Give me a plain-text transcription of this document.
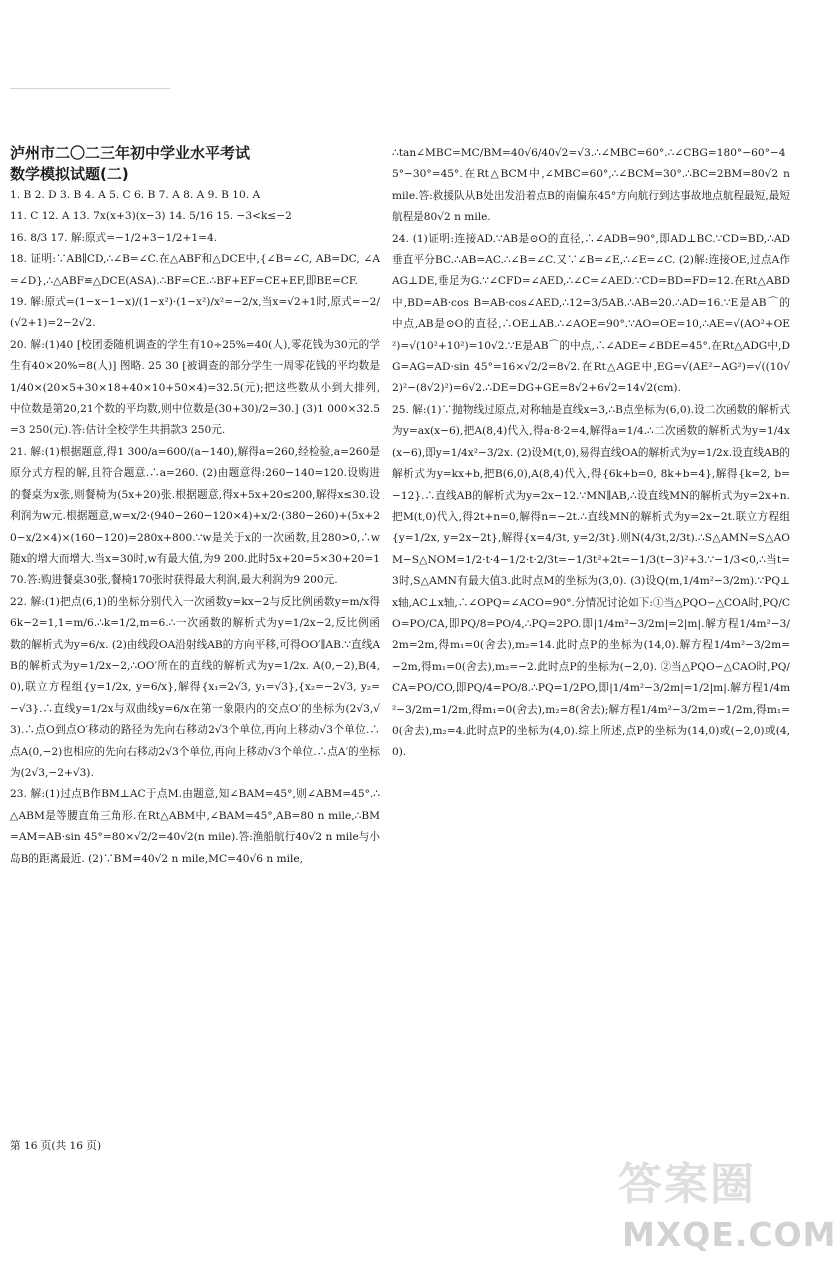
泸州市二〇二三年初中学业水平考试

数学模拟试题(二)

1. B 2. D 3. B 4. A 5. C 6. B 7. A 8. A 9. B 10. A

11. C 12. A 13. 7x(x+3)(x−3) 14. 5/16 15. −3<k≤−2

16. 8/3 17. 解:原式=−1/2+3−1/2+1=4.

18. 证明:∵AB∥CD,∴∠B=∠C.在△ABF和△DCE中,{∠B=∠C, AB=DC, ∠A=∠D},∴△ABF≌△DCE(ASA).∴BF=CE.∴BF+EF=CE+EF,即BE=CF.

19. 解:原式=(1−x−1−x)/(1−x²)·(1−x²)/x²=−2/x,当x=√2+1时,原式=−2/(√2+1)=2−2√2.

20. 解:(1)40 [校团委随机调查的学生有10÷25%=40(人),零花钱为30元的学生有40×20%=8(人)] 图略. 25 30 [被调查的部分学生一周零花钱的平均数是1/40×(20×5+30×18+40×10+50×4)=32.5(元);把这些数从小到大排列,中位数是第20,21个数的平均数,则中位数是(30+30)/2=30.] (3)1 000×32.5=3 250(元).答:估计全校学生共捐款3 250元.

21. 解:(1)根据题意,得1 300/a=600/(a−140),解得a=260,经检验,a=260是原分式方程的解,且符合题意.∴a=260. (2)由题意得:260−140=120.设购进的餐桌为x张,则餐椅为(5x+20)张.根据题意,得x+5x+20≤200,解得x≤30.设利润为w元.根据题意,w=x/2·(940−260−120×4)+x/2·(380−260)+(5x+20−x/2×4)×(160−120)=280x+800.∵w是关于x的一次函数,且280>0,∴w随x的增大而增大.当x=30时,w有最大值,为9 200.此时5x+20=5×30+20=170.答:购进餐桌30张,餐椅170张时获得最大利润,最大利润为9 200元.

22. 解:(1)把点(6,1)的坐标分别代入一次函数y=kx−2与反比例函数y=m/x得6k−2=1,1=m/6.∴k=1/2,m=6.∴一次函数的解析式为y=1/2x−2,反比例函数的解析式为y=6/x. (2)由线段OA沿射线AB的方向平移,可得OO′∥AB.∵直线AB的解析式为y=1/2x−2,∴OO′所在的直线的解析式为y=1/2x. A(0,−2),B(4,0),联立方程组{y=1/2x, y=6/x},解得{x₁=2√3, y₁=√3},{x₂=−2√3, y₂=−√3}.∴直线y=1/2x与双曲线y=6/x在第一象限内的交点O′的坐标为(2√3,√3).∴点O到点O′移动的路径为先向右移动2√3个单位,再向上移动√3个单位.∴点A(0,−2)也相应的先向右移动2√3个单位,再向上移动√3个单位.∴点A′的坐标为(2√3,−2+√3).

23. 解:(1)过点B作BM⊥AC于点M.由题意,知∠BAM=45°,则∠ABM=45°.∴△ABM是等腰直角三角形.在Rt△ABM中,∠BAM=45°,AB=80 n mile,∴BM=AM=AB·sin 45°=80×√2/2=40√2(n mile).答:渔船航行40√2 n mile与小岛B的距离最近. (2)∵BM=40√2 n mile,MC=40√6 n mile,

∴tan∠MBC=MC/BM=40√6/40√2=√3.∴∠MBC=60°.∴∠CBG=180°−60°−45°−30°=45°.在Rt△BCM中,∠MBC=60°,∴∠BCM=30°.∴BC=2BM=80√2 n mile.答:救援队从B处出发沿着点B的南偏东45°方向航行到达事故地点航程最短,最短航程是80√2 n mile.

24. (1)证明:连接AD.∵AB是⊙O的直径,∴∠ADB=90°,即AD⊥BC.∵CD=BD,∴AD垂直平分BC.∴AB=AC.∴∠B=∠C.又∵∠B=∠E,∴∠E=∠C. (2)解:连接OE,过点A作AG⊥DE,垂足为G.∵∠CFD=∠AED,∴∠C=∠AED.∵CD=BD=FD=12.在Rt△ABD中,BD=AB·cos B=AB·cos∠AED,∴12=3/5AB.∴AB=20.∴AD=16.∵E是AB⌒的中点,AB是⊙O的直径,∴OE⊥AB.∴∠AOE=90°.∵AO=OE=10,∴AE=√(AO²+OE²)=√(10²+10²)=10√2.∵E是AB⌒的中点,∴∠ADE=∠BDE=45°.在Rt△ADG中,DG=AG=AD·sin 45°=16×√2/2=8√2.在Rt△AGE中,EG=√(AE²−AG²)=√((10√2)²−(8√2)²)=6√2.∴DE=DG+GE=8√2+6√2=14√2(cm).

25. 解:(1)∵抛物线过原点,对称轴是直线x=3,∴B点坐标为(6,0).设二次函数的解析式为y=ax(x−6),把A(8,4)代入,得a·8·2=4,解得a=1/4.∴二次函数的解析式为y=1/4x(x−6),即y=1/4x²−3/2x. (2)设M(t,0),易得直线OA的解析式为y=1/2x.设直线AB的解析式为y=kx+b,把B(6,0),A(8,4)代入,得{6k+b=0, 8k+b=4},解得{k=2, b=−12}.∴直线AB的解析式为y=2x−12.∵MN∥AB,∴设直线MN的解析式为y=2x+n.把M(t,0)代入,得2t+n=0,解得n=−2t.∴直线MN的解析式为y=2x−2t.联立方程组{y=1/2x, y=2x−2t},解得{x=4/3t, y=2/3t}.则N(4/3t,2/3t).∴S△AMN=S△AOM−S△NOM=1/2·t·4−1/2·t·2/3t=−1/3t²+2t=−1/3(t−3)²+3.∵−1/3<0,∴当t=3时,S△AMN有最大值3.此时点M的坐标为(3,0). (3)设Q(m,1/4m²−3/2m).∵PQ⊥x轴,AC⊥x轴,∴∠OPQ=∠ACO=90°.分情况讨论如下:①当△PQO∽△COA时,PQ/CO=PO/CA,即PQ/8=PO/4,∴PQ=2PO.即|1/4m²−3/2m|=2|m|.解方程1/4m²−3/2m=2m,得m₁=0(舍去),m₂=14.此时点P的坐标为(14,0).解方程1/4m²−3/2m=−2m,得m₁=0(舍去),m₂=−2.此时点P的坐标为(−2,0). ②当△PQO∽△CAO时,PQ/CA=PO/CO,即PQ/4=PO/8.∴PQ=1/2PO,即|1/4m²−3/2m|=1/2|m|.解方程1/4m²−3/2m=1/2m,得m₁=0(舍去),m₂=8(舍去);解方程1/4m²−3/2m=−1/2m,得m₁=0(舍去),m₂=4.此时点P的坐标为(4,0).综上所述,点P的坐标为(14,0)或(−2,0)或(4,0).

第 16 页(共 16 页)
答案圈
MXQE.COM
